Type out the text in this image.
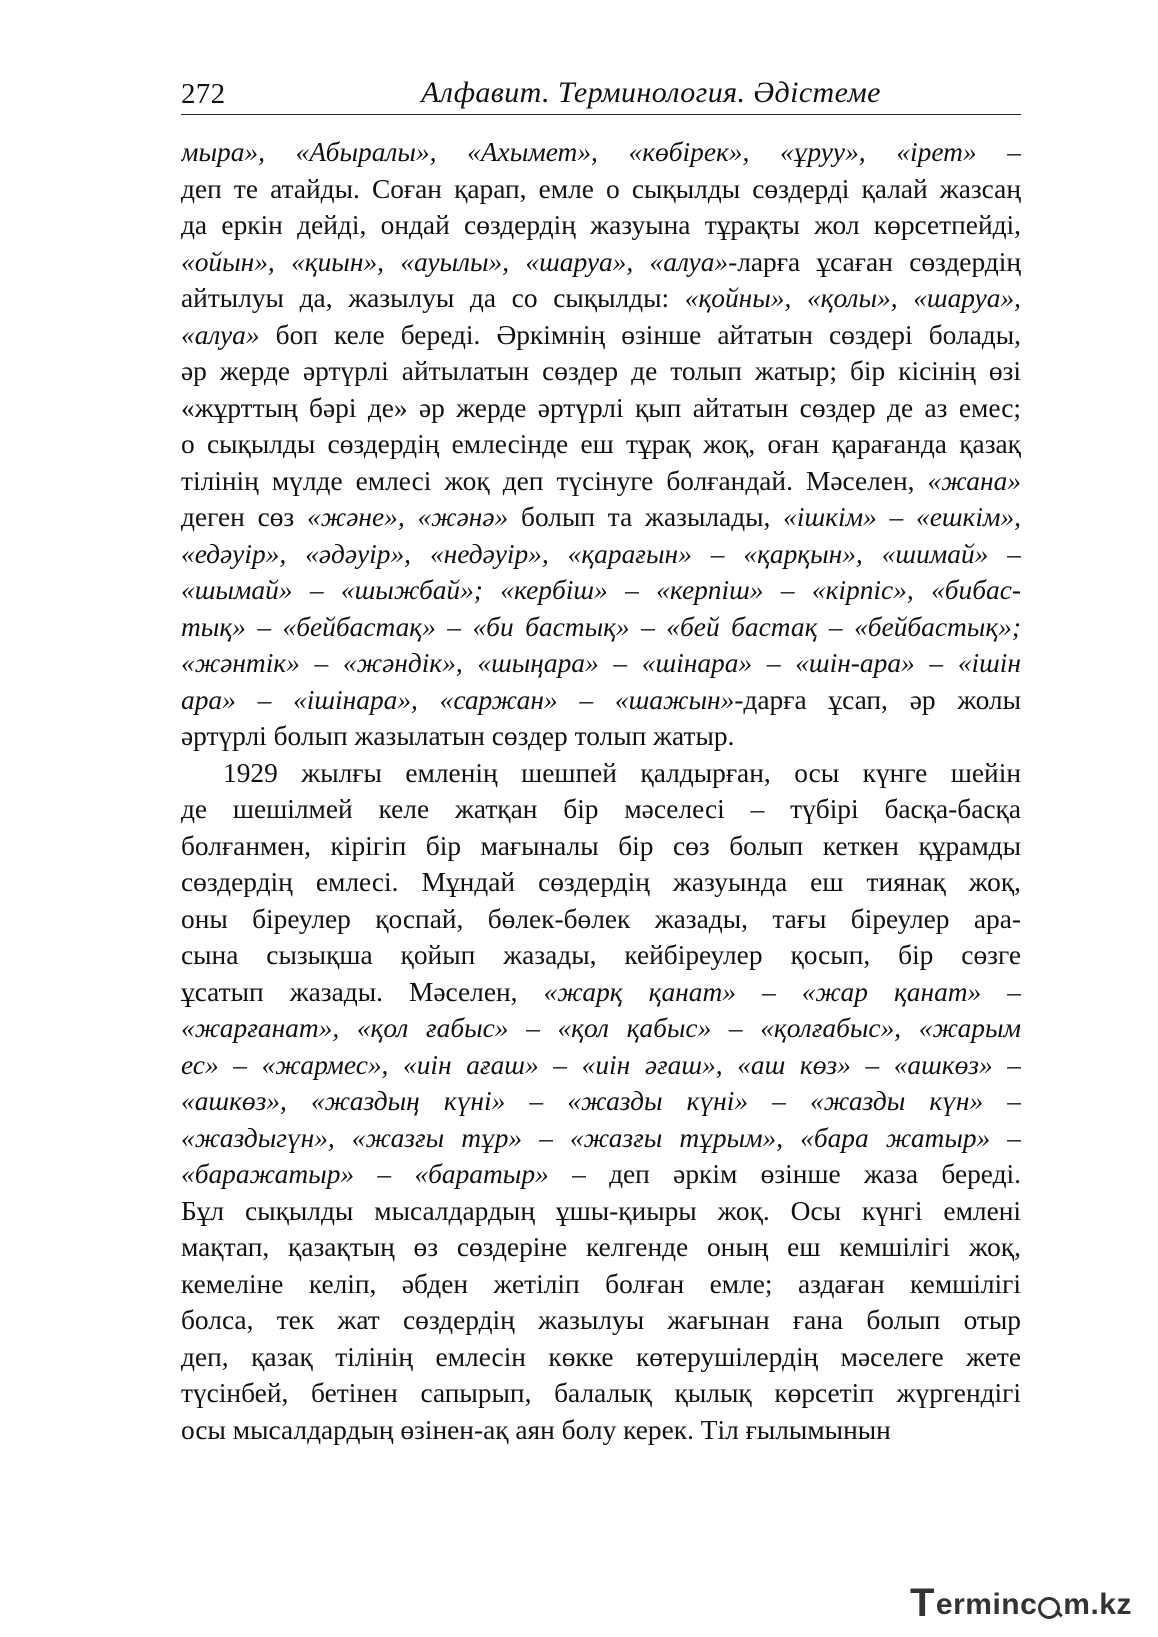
272	Алфавит. Терминология. Әдістеме
мыра», «Абыралы», «Ахымет», «көбірек», «ұруу», «ірет» –
деп те атайды. Соған қарап, емле о сықылды сөздерді қалай жазсаң
да еркін дейді, ондай сөздердің жазуына тұрақты жол көрсетпейді,
«ойын», «қиын», «ауылы», «шаруа», «алуа»-ларға ұсаған сөздердің
айтылуы да, жазылуы да со сықылды: «қойны», «қолы», «шаруа»,
«алуа» боп келе береді. Әркімнің өзінше айтатын сөздері болады,
әр жерде әртүрлі айтылатын сөздер де толып жатыр; бір кісінің өзі
«жұрттың бәрі де» әр жерде әртүрлі қып айтатын сөздер де аз емес;
о сықылды сөздердің емлесінде еш тұрақ жоқ, оған қарағанда қазақ
тілінің мүлде емлесі жоқ деп түсінуге болғандай. Мәселен, «жана»
деген сөз «және», «жәнә» болып та жазылады, «ішкім» – «ешкім»,
«едәуір», «әдәуір», «недәуір», «қарағын» – «қарқын», «шимай» –
«шымай» – «шыжбай»; «кербіш» – «керпіш» – «кірпіс», «бибас-
тық» – «бейбастақ» – «би бастық» – «бей бастақ – «бейбастық»;
«жәнтік» – «жәндік», «шыңара» – «шінара» – «шін-ара» – «ішін
ара» – «ішінара», «саржан» – «шажын»-дарға ұсап, әр жолы
әртүрлі болып жазылатын сөздер толып жатыр.
1929 жылғы емленің шешпей қалдырған, осы күнге шейін
де шешілмей келе жатқан бір мәселесі – түбірі басқа-басқа
болғанмен, кірігіп бір мағыналы бір сөз болып кеткен құрамды
сөздердің емлесі. Мұндай сөздердің жазуында еш тиянақ жоқ,
оны біреулер қоспай, бөлек-бөлек жазады, тағы біреулер ара-
сына сызықша қойып жазады, кейбіреулер қосып, бір сөзге
ұсатып жазады. Мәселен, «жарқ қанат» – «жар қанат» –
«жарғанат», «қол ғабыс» – «қол қабыс» – «қолғабыс», «жарым
ес» – «жармес», «иін ағаш» – «иін әғаш», «аш көз» – «ашкөз» –
«ашкөз», «жаздың күні» – «жазды күні» – «жазды күн» –
«жаздыгүн», «жазғы тұр» – «жазғы тұрым», «бара жатыр» –
«баражатыр» – «баратыр» – деп әркім өзінше жаза береді.
Бұл сықылды мысалдардың ұшы-қиыры жоқ. Осы күнгі емлені
мақтап, қазақтың өз сөздеріне келгенде оның еш кемшілігі жоқ,
кемеліне келіп, әбден жетіліп болған емле; аздаған кемшілігі
болса, тек жат сөздердің жазылуы жағынан ғана болып отыр
деп, қазақ тілінің емлесін көкке көтерушілердің мәселеге жете
түсінбей, бетінен сапырып, балалық қылық көрсетіп жүргендігі
осы мысалдардың өзінен-ақ аян болу керек. Тіл ғылымынын
T erminc m.kz
